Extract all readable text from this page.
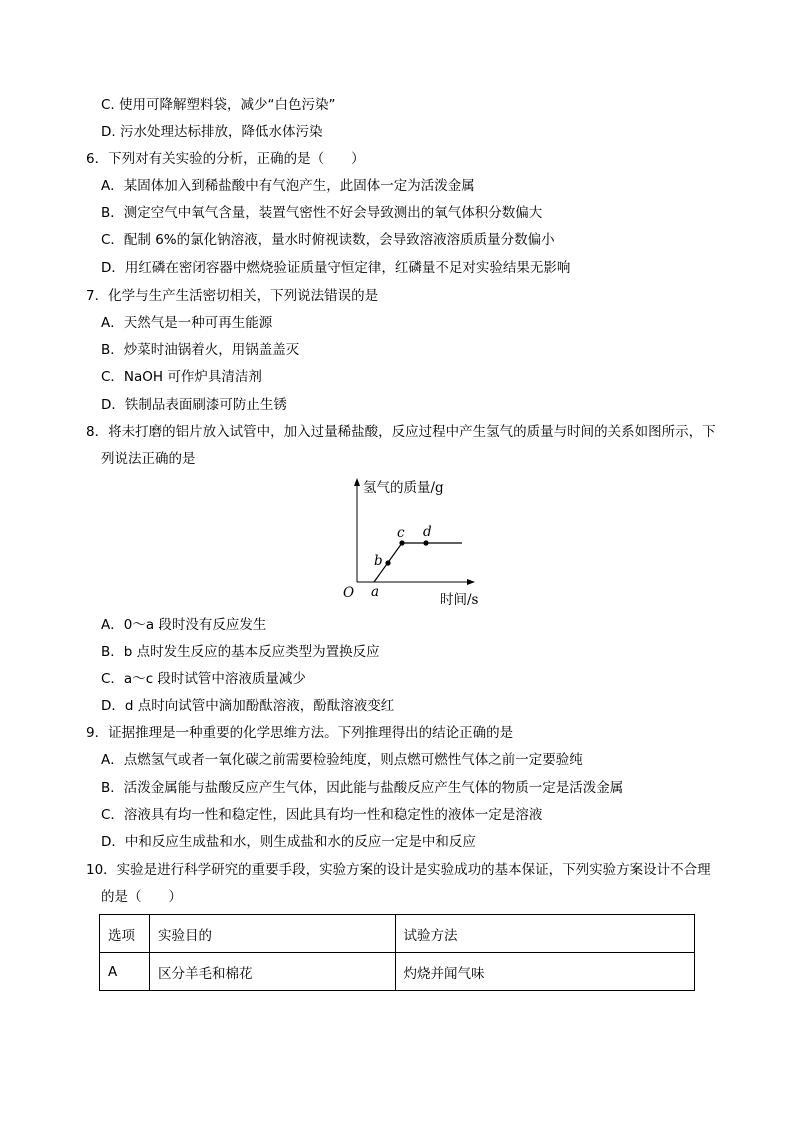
C. 使用可降解塑料袋，减少“白色污染”
D. 污水处理达标排放，降低水体污染
6．下列对有关实验的分析，正确的是（　　）
A．某固体加入到稀盐酸中有气泡产生，此固体一定为活泼金属
B．测定空气中氧气含量，装置气密性不好会导致测出的氧气体积分数偏大
C．配制 6%的氯化钠溶液，量水时俯视读数，会导致溶液溶质质量分数偏小
D．用红磷在密闭容器中燃烧验证质量守恒定律，红磷量不足对实验结果无影响
7．化学与生产生活密切相关，下列说法错误的是
A．天然气是一种可再生能源
B．炒菜时油锅着火，用锅盖盖灭
C．NaOH 可作炉具清洁剂
D．铁制品表面刷漆可防止生锈
8．将未打磨的铝片放入试管中，加入过量稀盐酸，反应过程中产生氢气的质量与时间的关系如图所示，下
列说法正确的是
氢气的质量/g
时间/s
O a
b
c d
A．0～a 段时没有反应发生
B．b 点时发生反应的基本反应类型为置换反应
C．a～c 段时试管中溶液质量减少
D．d 点时向试管中滴加酚酞溶液，酚酞溶液变红
9．证据推理是一种重要的化学思维方法。下列推理得出的结论正确的是
A．点燃氢气或者一氧化碳之前需要检验纯度，则点燃可燃性气体之前一定要验纯
B．活泼金属能与盐酸反应产生气体，因此能与盐酸反应产生气体的物质一定是活泼金属
C．溶液具有均一性和稳定性，因此具有均一性和稳定性的液体一定是溶液
D．中和反应生成盐和水，则生成盐和水的反应一定是中和反应
10．实验是进行科学研究的重要手段，实验方案的设计是实验成功的基本保证，下列实验方案设计不合理
的是（　　）
选项	实验目的	试验方法
A	区分羊毛和棉花	灼烧并闻气味
